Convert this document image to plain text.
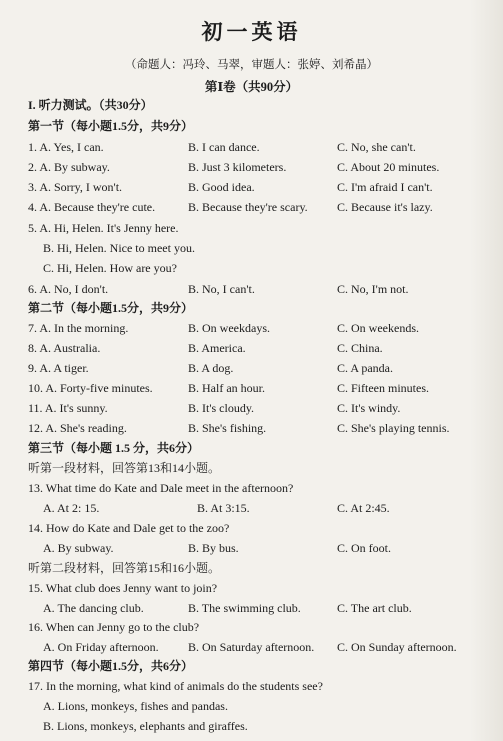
初一英语
（命题人：冯玲、马翠，审题人：张婷、刘希晶）
第Ⅰ卷（共90分）
I. 听力测试。（共30分）
第一节（每小题1.5分，共9分）
1. A. Yes, I can.	B. I can dance.	C. No, she can't.
2. A. By subway.	B. Just 3 kilometers.	C. About 20 minutes.
3. A. Sorry, I won't.	B. Good idea.	C. I'm afraid I can't.
4. A. Because they're cute.	B. Because they're scary. C. Because it's lazy.
5. A. Hi, Helen. It's Jenny here.
B. Hi, Helen. Nice to meet you.
C. Hi, Helen. How are you?
6. A. No, I don't.	B. No, I can't.	C. No, I'm not.
第二节（每小题1.5分，共9分）
7. A. In the morning.	B. On weekdays.	C. On weekends.
8. A. Australia.	B. America.	C. China.
9. A. A tiger.	B. A dog.	C. A panda.
10. A. Forty-five minutes.	B. Half an hour.	C. Fifteen minutes.
11. A. It's sunny.	B. It's cloudy.	C. It's windy.
12. A. She's reading.	B. She's fishing.	C. She's playing tennis.
第三节（每小题 1.5 分，共6分）
听第一段材料，回答第13和14小题。
13. What time do Kate and Dale meet in the afternoon?
A. At 2: 15.	B. At 3:15.	C. At 2:45.
14. How do Kate and Dale get to the zoo?
A. By subway.	B. By bus.	C. On foot.
听第二段材料，回答第15和16小题。
15. What club does Jenny want to join?
A. The dancing club.	B. The swimming club.	C. The art club.
16. When can Jenny go to the club?
A. On Friday afternoon. B. On Saturday afternoon. C. On Sunday afternoon.
第四节（每小题1.5分，共6分）
17. In the morning, what kind of animals do the students see?
A. Lions, monkeys, fishes and pandas.
B. Lions, monkeys, elephants and giraffes.
